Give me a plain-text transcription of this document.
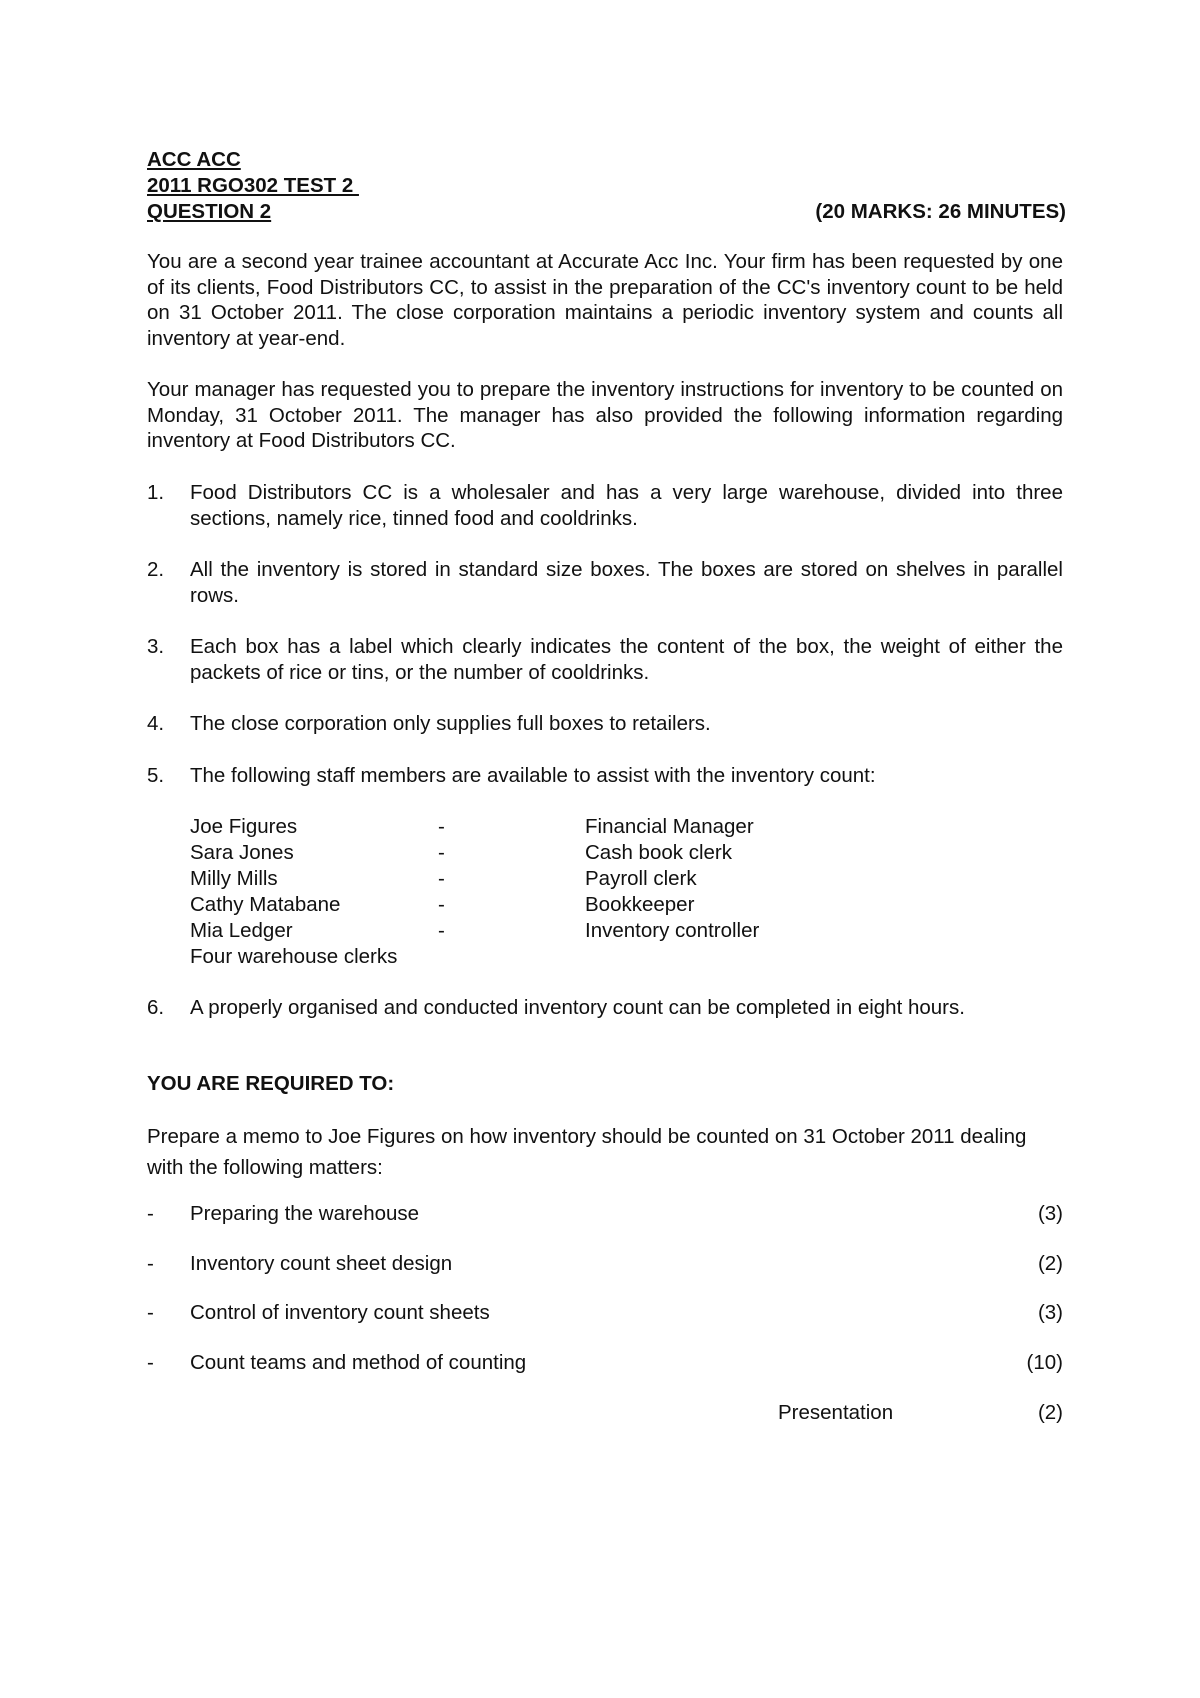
ACC ACC
2011 RGO302 TEST 2
QUESTION 2	(20 MARKS: 26 MINUTES)
You are a second year trainee accountant at Accurate Acc Inc. Your firm has been requested by one of its clients, Food Distributors CC, to assist in the preparation of the CC's inventory count to be held on 31 October 2011. The close corporation maintains a periodic inventory system and counts all inventory at year-end.
Your manager has requested you to prepare the inventory instructions for inventory to be counted on Monday, 31 October 2011. The manager has also provided the following information regarding inventory at Food Distributors CC.
1.	Food Distributors CC is a wholesaler and has a very large warehouse, divided into three sections, namely rice, tinned food and cooldrinks.
2.	All the inventory is stored in standard size boxes. The boxes are stored on shelves in parallel rows.
3.	Each box has a label which clearly indicates the content of the box, the weight of either the packets of rice or tins, or the number of cooldrinks.
4.	The close corporation only supplies full boxes to retailers.
5.	The following staff members are available to assist with the inventory count:
Joe Figures	-	Financial Manager
Sara Jones	-	Cash book clerk
Milly Mills	-	Payroll clerk
Cathy Matabane	-	Bookkeeper
Mia Ledger	-	Inventory controller
Four warehouse clerks
6.	A properly organised and conducted inventory count can be completed in eight hours.
YOU ARE REQUIRED TO:
Prepare a memo to Joe Figures on how inventory should be counted on 31 October 2011 dealing with the following matters:
- Preparing the warehouse	(3)
- Inventory count sheet design	(2)
- Control of inventory count sheets	(3)
- Count teams and method of counting	(10)
Presentation	(2)
